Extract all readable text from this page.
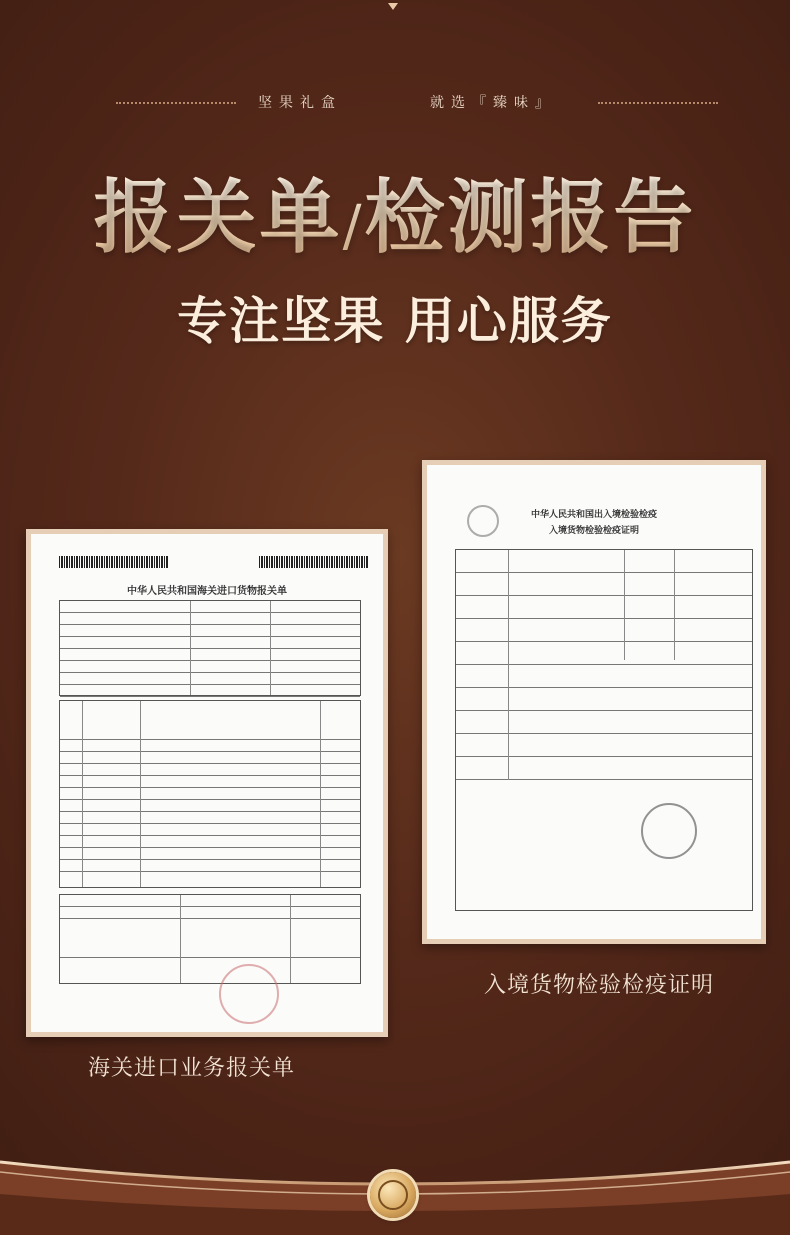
坚果礼盒	就选『臻味』
报关单/检测报告
专注坚果 用心服务
中华人民共和国海关进口货物报关单
海关进口业务报关单
中华人民共和国出入境检验检疫
入境货物检验检疫证明
入境货物检验检疫证明
